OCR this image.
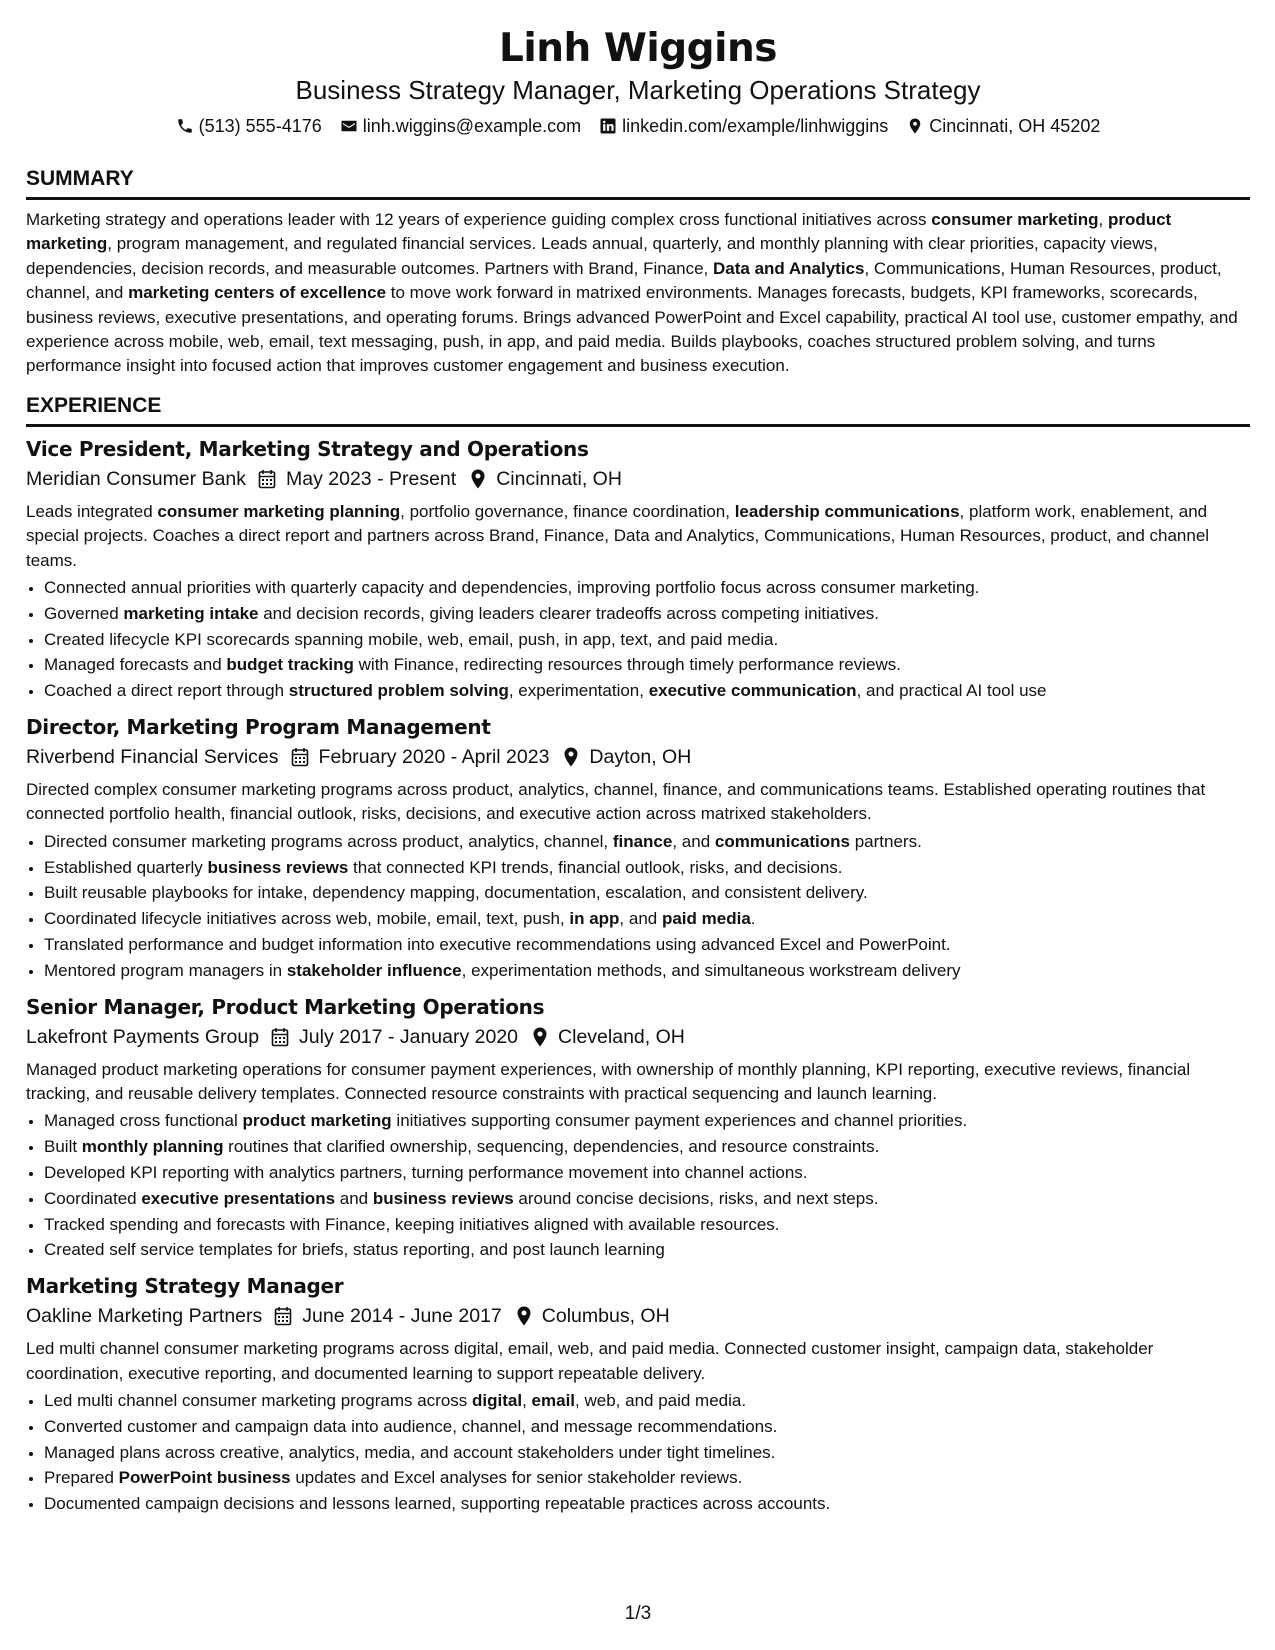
Linh Wiggins
Business Strategy Manager, Marketing Operations Strategy
(513) 555-4176 linh.wiggins@example.com linkedin.com/example/linhwiggins Cincinnati, OH 45202
SUMMARY
Marketing strategy and operations leader with 12 years of experience guiding complex cross functional initiatives across consumer marketing, product marketing, program management, and regulated financial services. Leads annual, quarterly, and monthly planning with clear priorities, capacity views, dependencies, decision records, and measurable outcomes. Partners with Brand, Finance, Data and Analytics, Communications, Human Resources, product, channel, and marketing centers of excellence to move work forward in matrixed environments. Manages forecasts, budgets, KPI frameworks, scorecards, business reviews, executive presentations, and operating forums. Brings advanced PowerPoint and Excel capability, practical AI tool use, customer empathy, and experience across mobile, web, email, text messaging, push, in app, and paid media. Builds playbooks, coaches structured problem solving, and turns performance insight into focused action that improves customer engagement and business execution.
EXPERIENCE
Vice President, Marketing Strategy and Operations
Meridian Consumer Bank May 2023 - Present Cincinnati, OH
Leads integrated consumer marketing planning, portfolio governance, finance coordination, leadership communications, platform work, enablement, and special projects. Coaches a direct report and partners across Brand, Finance, Data and Analytics, Communications, Human Resources, product, and channel teams.
• Connected annual priorities with quarterly capacity and dependencies, improving portfolio focus across consumer marketing.
• Governed marketing intake and decision records, giving leaders clearer tradeoffs across competing initiatives.
• Created lifecycle KPI scorecards spanning mobile, web, email, push, in app, text, and paid media.
• Managed forecasts and budget tracking with Finance, redirecting resources through timely performance reviews.
• Coached a direct report through structured problem solving, experimentation, executive communication, and practical AI tool use
Director, Marketing Program Management
Riverbend Financial Services February 2020 - April 2023 Dayton, OH
Directed complex consumer marketing programs across product, analytics, channel, finance, and communications teams. Established operating routines that connected portfolio health, financial outlook, risks, decisions, and executive action across matrixed stakeholders.
• Directed consumer marketing programs across product, analytics, channel, finance, and communications partners.
• Established quarterly business reviews that connected KPI trends, financial outlook, risks, and decisions.
• Built reusable playbooks for intake, dependency mapping, documentation, escalation, and consistent delivery.
• Coordinated lifecycle initiatives across web, mobile, email, text, push, in app, and paid media.
• Translated performance and budget information into executive recommendations using advanced Excel and PowerPoint.
• Mentored program managers in stakeholder influence, experimentation methods, and simultaneous workstream delivery
Senior Manager, Product Marketing Operations
Lakefront Payments Group July 2017 - January 2020 Cleveland, OH
Managed product marketing operations for consumer payment experiences, with ownership of monthly planning, KPI reporting, executive reviews, financial tracking, and reusable delivery templates. Connected resource constraints with practical sequencing and launch learning.
• Managed cross functional product marketing initiatives supporting consumer payment experiences and channel priorities.
• Built monthly planning routines that clarified ownership, sequencing, dependencies, and resource constraints.
• Developed KPI reporting with analytics partners, turning performance movement into channel actions.
• Coordinated executive presentations and business reviews around concise decisions, risks, and next steps.
• Tracked spending and forecasts with Finance, keeping initiatives aligned with available resources.
• Created self service templates for briefs, status reporting, and post launch learning
Marketing Strategy Manager
Oakline Marketing Partners June 2014 - June 2017 Columbus, OH
Led multi channel consumer marketing programs across digital, email, web, and paid media. Connected customer insight, campaign data, stakeholder coordination, executive reporting, and documented learning to support repeatable delivery.
• Led multi channel consumer marketing programs across digital, email, web, and paid media.
• Converted customer and campaign data into audience, channel, and message recommendations.
• Managed plans across creative, analytics, media, and account stakeholders under tight timelines.
• Prepared PowerPoint business updates and Excel analyses for senior stakeholder reviews.
• Documented campaign decisions and lessons learned, supporting repeatable practices across accounts.
1/3
